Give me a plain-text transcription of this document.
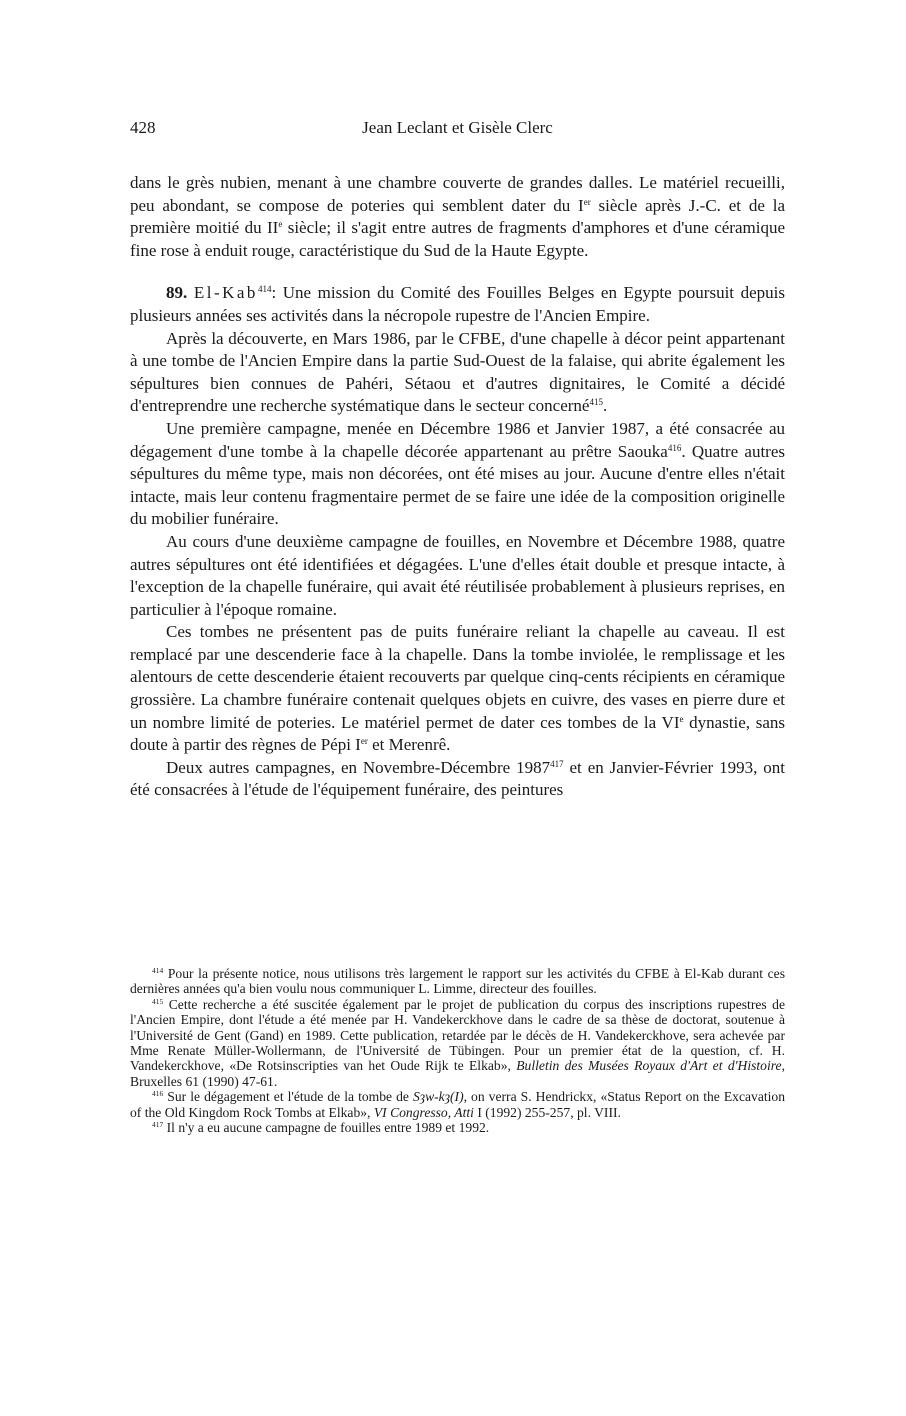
428	Jean Leclant et Gisèle Clerc

dans le grès nubien, menant à une chambre couverte de grandes dalles. Le matériel recueilli, peu abondant, se compose de poteries qui semblent dater du Ier siècle après J.-C. et de la première moitié du IIe siècle; il s'agit entre autres de fragments d'amphores et d'une céramique fine rose à enduit rouge, caractéristique du Sud de la Haute Egypte.

89. El-Kab$^{414}$: Une mission du Comité des Fouilles Belges en Egypte poursuit depuis plusieurs années ses activités dans la nécropole rupestre de l'Ancien Empire.

Après la découverte, en Mars 1986, par le CFBE, d'une chapelle à décor peint appartenant à une tombe de l'Ancien Empire dans la partie Sud-Ouest de la falaise, qui abrite également les sépultures bien connues de Pahéri, Sétaou et d'autres dignitaires, le Comité a décidé d'entreprendre une recherche systématique dans le secteur concerné$^{415}$.

Une première campagne, menée en Décembre 1986 et Janvier 1987, a été consacrée au dégagement d'une tombe à la chapelle décorée appartenant au prêtre Saouka$^{416}$. Quatre autres sépultures du même type, mais non décorées, ont été mises au jour. Aucune d'entre elles n'était intacte, mais leur contenu fragmentaire permet de se faire une idée de la composition originelle du mobilier funéraire.

Au cours d'une deuxième campagne de fouilles, en Novembre et Décembre 1988, quatre autres sépultures ont été identifiées et dégagées. L'une d'elles était double et presque intacte, à l'exception de la chapelle funéraire, qui avait été réutilisée probablement à plusieurs reprises, en particulier à l'époque romaine.

Ces tombes ne présentent pas de puits funéraire reliant la chapelle au caveau. Il est remplacé par une descenderie face à la chapelle. Dans la tombe inviolée, le remplissage et les alentours de cette descenderie étaient recouverts par quelque cinq-cents récipients en céramique grossière. La chambre funéraire contenait quelques objets en cuivre, des vases en pierre dure et un nombre limité de poteries. Le matériel permet de dater ces tombes de la VIe dynastie, sans doute à partir des règnes de Pépi Ier et Merenrê.

Deux autres campagnes, en Novembre-Décembre 1987$^{417}$ et en Janvier-Février 1993, ont été consacrées à l'étude de l'équipement funéraire, des peintures

$^{414}$ Pour la présente notice, nous utilisons très largement le rapport sur les activités du CFBE à El-Kab durant ces dernières années qu'a bien voulu nous communiquer L. Limme, directeur des fouilles.

$^{415}$ Cette recherche a été suscitée également par le projet de publication du corpus des inscriptions rupestres de l'Ancien Empire, dont l'étude a été menée par H. Vandekerckhove dans le cadre de sa thèse de doctorat, soutenue à l'Université de Gent (Gand) en 1989. Cette publication, retardée par le décès de H. Vandekerckhove, sera achevée par Mme Renate Müller-Wollermann, de l'Université de Tübingen. Pour un premier état de la question, cf. H. Vandekerckhove, «De Rotsinscripties van het Oude Rijk te Elkab», Bulletin des Musées Royaux d'Art et d'Histoire, Bruxelles 61 (1990) 47-61.

$^{416}$ Sur le dégagement et l'étude de la tombe de Sȝw-kȝ(I), on verra S. Hendrickx, «Status Report on the Excavation of the Old Kingdom Rock Tombs at Elkab», VI Congresso, Atti I (1992) 255-257, pl. VIII.

$^{417}$ Il n'y a eu aucune campagne de fouilles entre 1989 et 1992.
